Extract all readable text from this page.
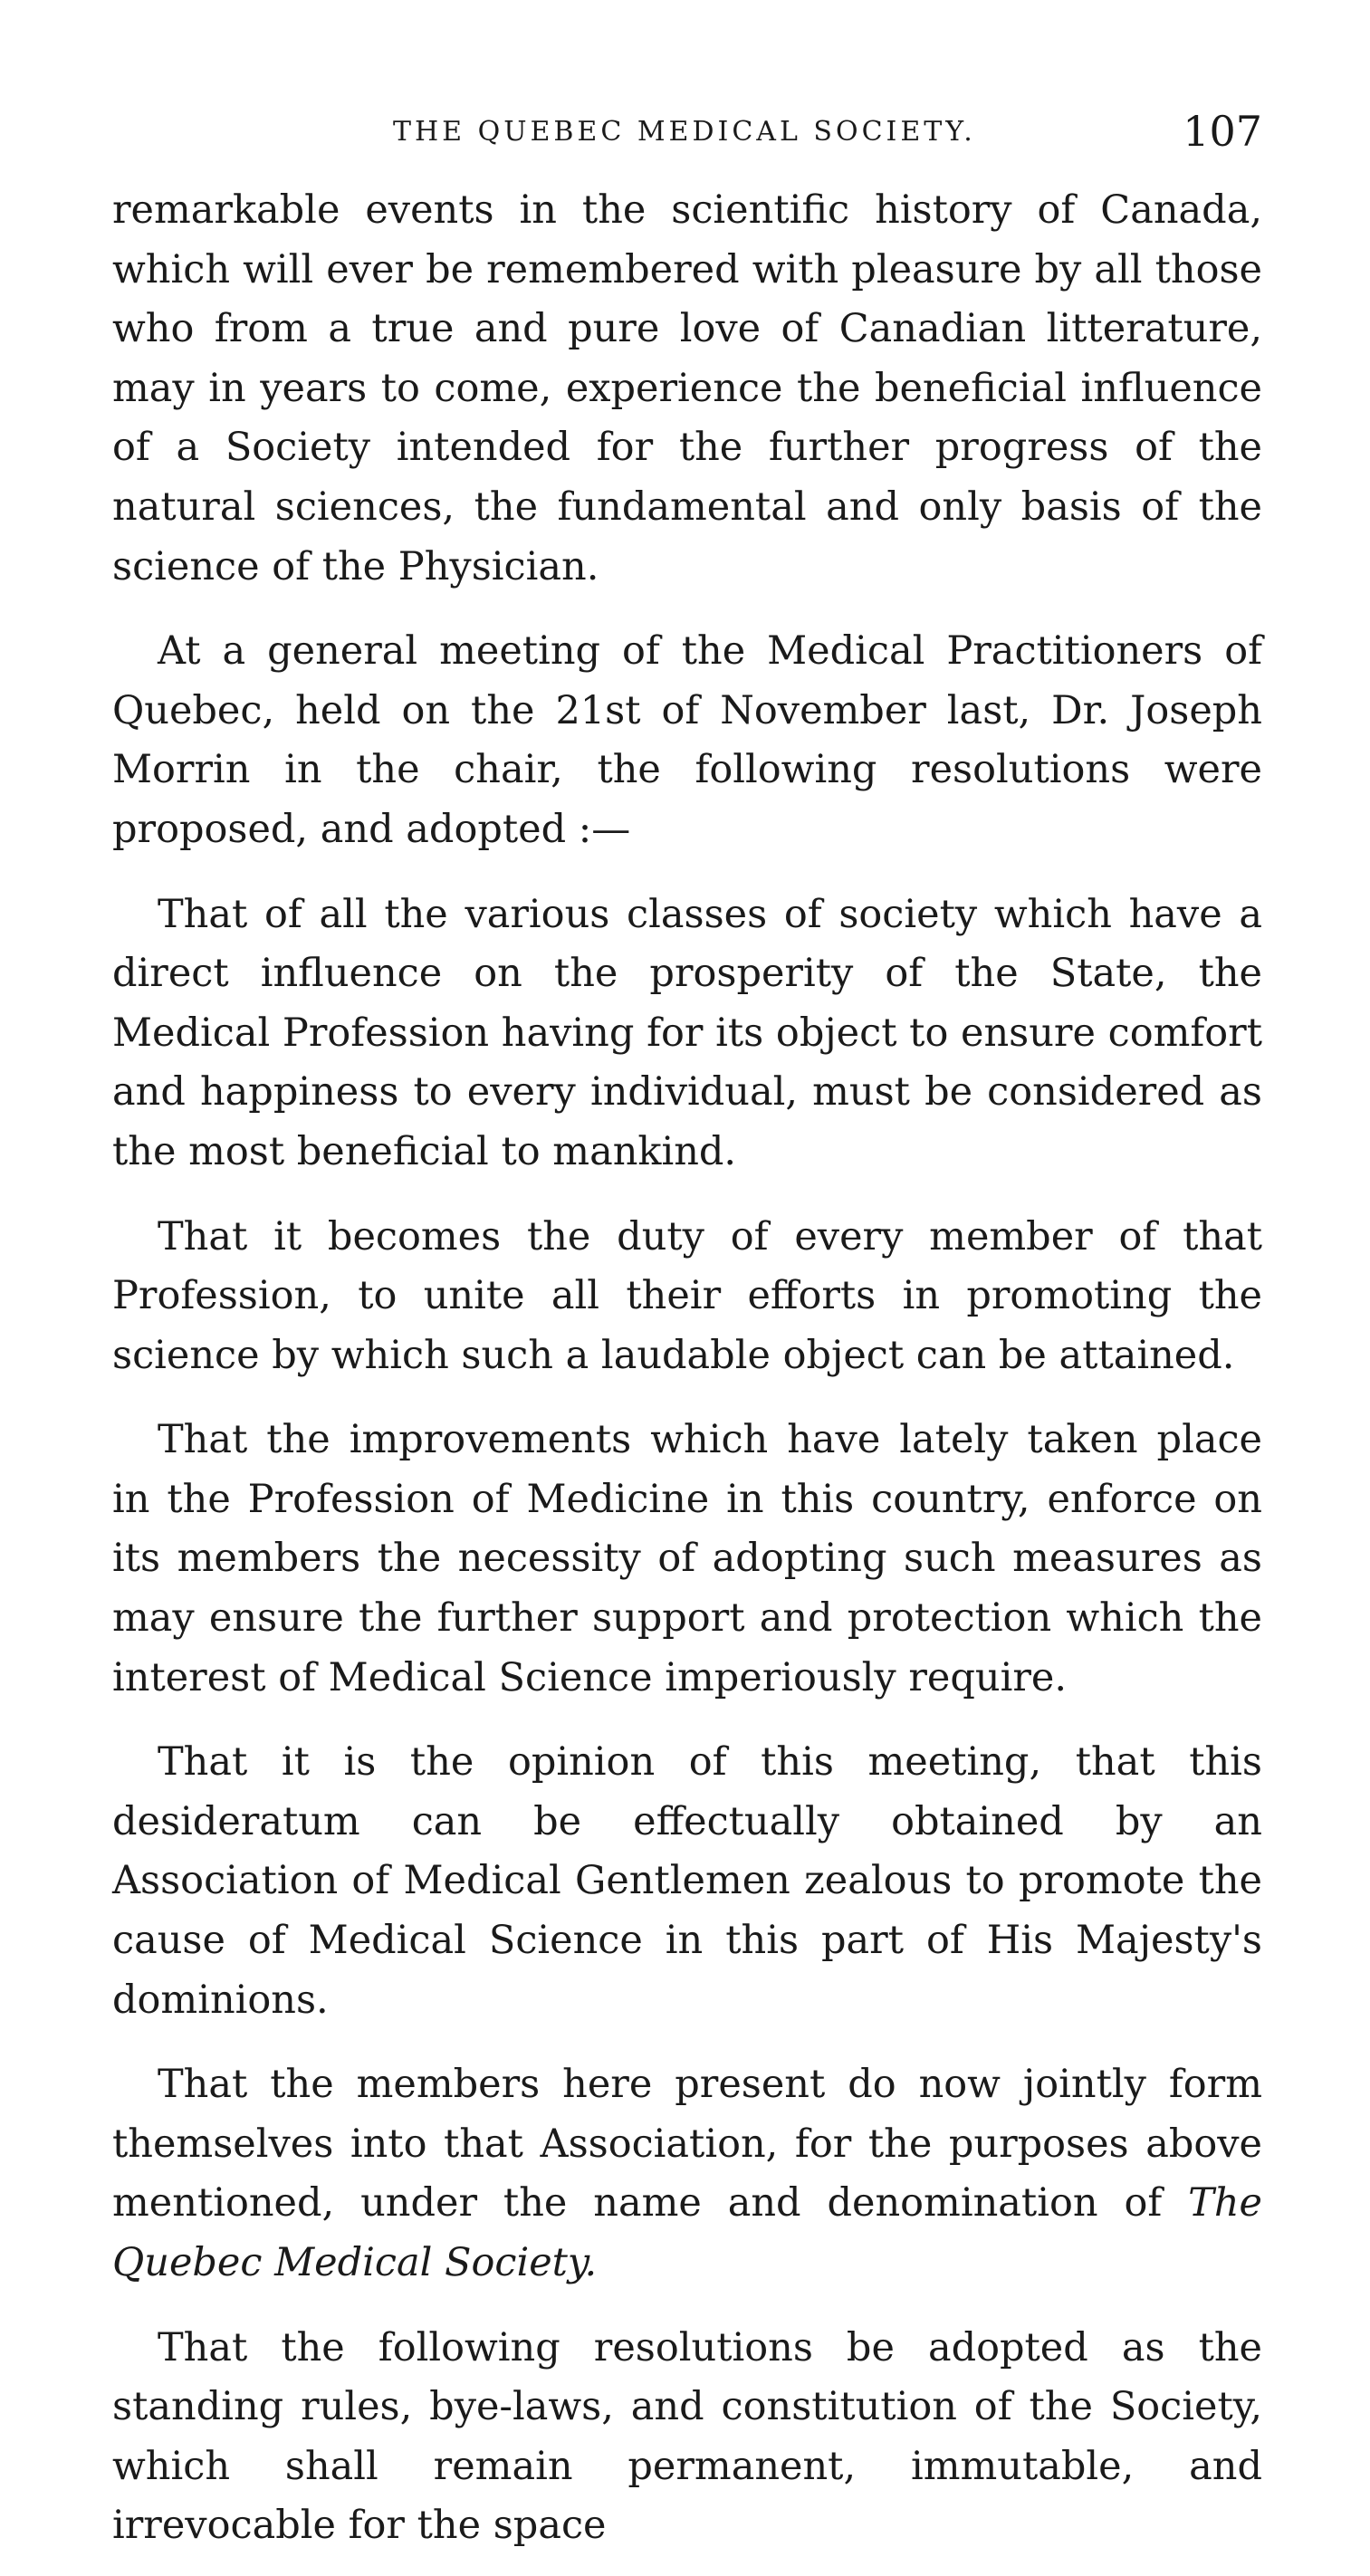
THE QUEBEC MEDICAL SOCIETY.	107

remarkable events in the scientific history of Canada, which will ever be remembered with pleasure by all those who from a true and pure love of Canadian litterature, may in years to come, experience the beneficial influence of a Society intended for the further progress of the natural sciences, the fundamental and only basis of the science of the Physician.

At a general meeting of the Medical Practitioners of Quebec, held on the 21st of November last, Dr. Joseph Morrin in the chair, the following resolutions were proposed, and adopted :—

That of all the various classes of society which have a direct influence on the prosperity of the State, the Medical Profession having for its object to ensure comfort and happiness to every individual, must be considered as the most beneficial to mankind.

That it becomes the duty of every member of that Profession, to unite all their efforts in promoting the science by which such a laudable object can be attained.

That the improvements which have lately taken place in the Profession of Medicine in this country, enforce on its members the necessity of adopting such measures as may ensure the further support and protection which the interest of Medical Science imperiously require.

That it is the opinion of this meeting, that this desideratum can be effectually obtained by an Association of Medical Gentlemen zealous to promote the cause of Medical Science in this part of His Majesty's dominions.

That the members here present do now jointly form themselves into that Association, for the purposes above mentioned, under the name and denomination of The Quebec Medical Society.

That the following resolutions be adopted as the standing rules, bye-laws, and constitution of the Society, which shall remain permanent, immutable, and irrevocable for the space
